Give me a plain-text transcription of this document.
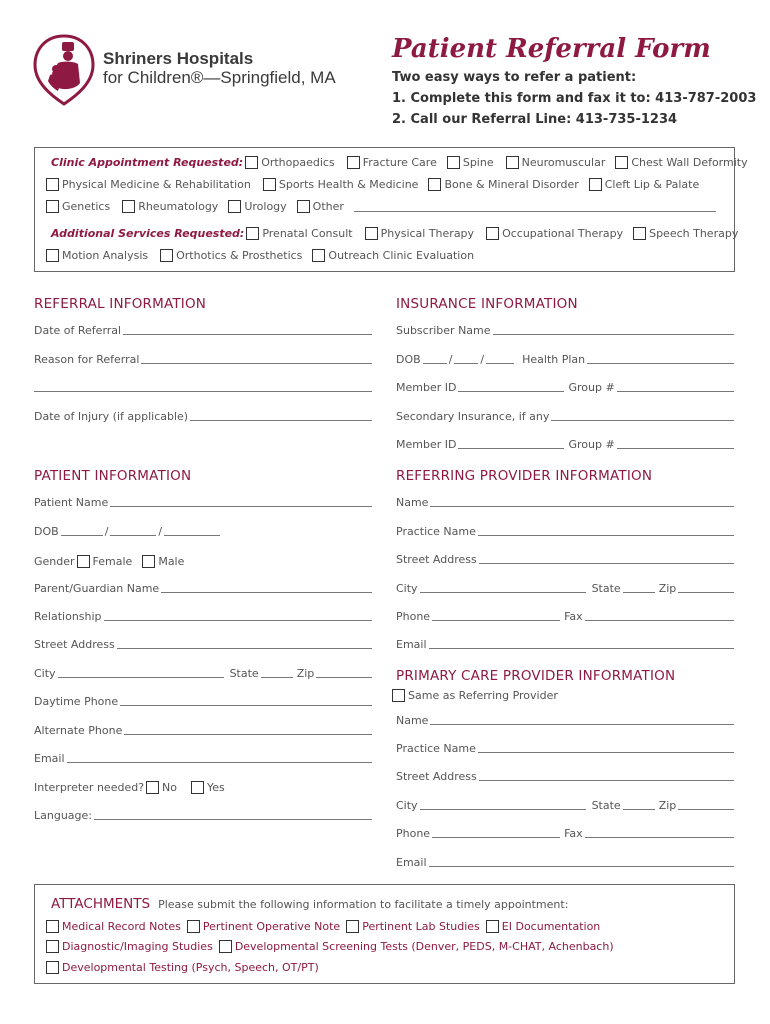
Shriners Hospitals
for Children®—Springfield, MA
Patient Referral Form
Two easy ways to refer a patient:
1. Complete this form and fax it to: 413-787-2003
2. Call our Referral Line: 413-735-1234
Clinic Appointment Requested: Orthopaedics	Fracture Care Spine	Neuromuscular Chest Wall Deformity
Physical Medicine & Rehabilitation	Sports Health & Medicine Bone & Mineral Disorder Cleft Lip & Palate
Genetics	Rheumatology Urology Other
Additional Services Requested: Prenatal Consult	Physical Therapy	Occupational Therapy Speech Therapy
Motion Analysis	Orthotics & Prosthetics Outreach Clinic Evaluation
REFERRAL INFORMATION
Date of Referral
Reason for Referral
Date of Injury (if applicable)
INSURANCE INFORMATION
Subscriber Name
DOB	/	/	Health Plan
Member ID	Group #
Secondary Insurance, if any
Member ID	Group #
PATIENT INFORMATION
Patient Name
DOB	/	/
Gender Female Male
Parent/Guardian Name
Relationship
Street Address
City	State	Zip
Daytime Phone
Alternate Phone
Email
Interpreter needed? No	Yes
Language:
REFERRING PROVIDER INFORMATION
Name
Practice Name
Street Address
City	State	Zip
Phone	Fax
Email
PRIMARY CARE PROVIDER INFORMATION
Same as Referring Provider
Name
Practice Name
Street Address
City	State	Zip
Phone	Fax
Email
ATTACHMENTS Please submit the following information to facilitate a timely appointment:
Medical Record Notes Pertinent Operative Note Pertinent Lab Studies EI Documentation
Diagnostic/Imaging Studies Developmental Screening Tests (Denver, PEDS, M-CHAT, Achenbach)
Developmental Testing (Psych, Speech, OT/PT)
